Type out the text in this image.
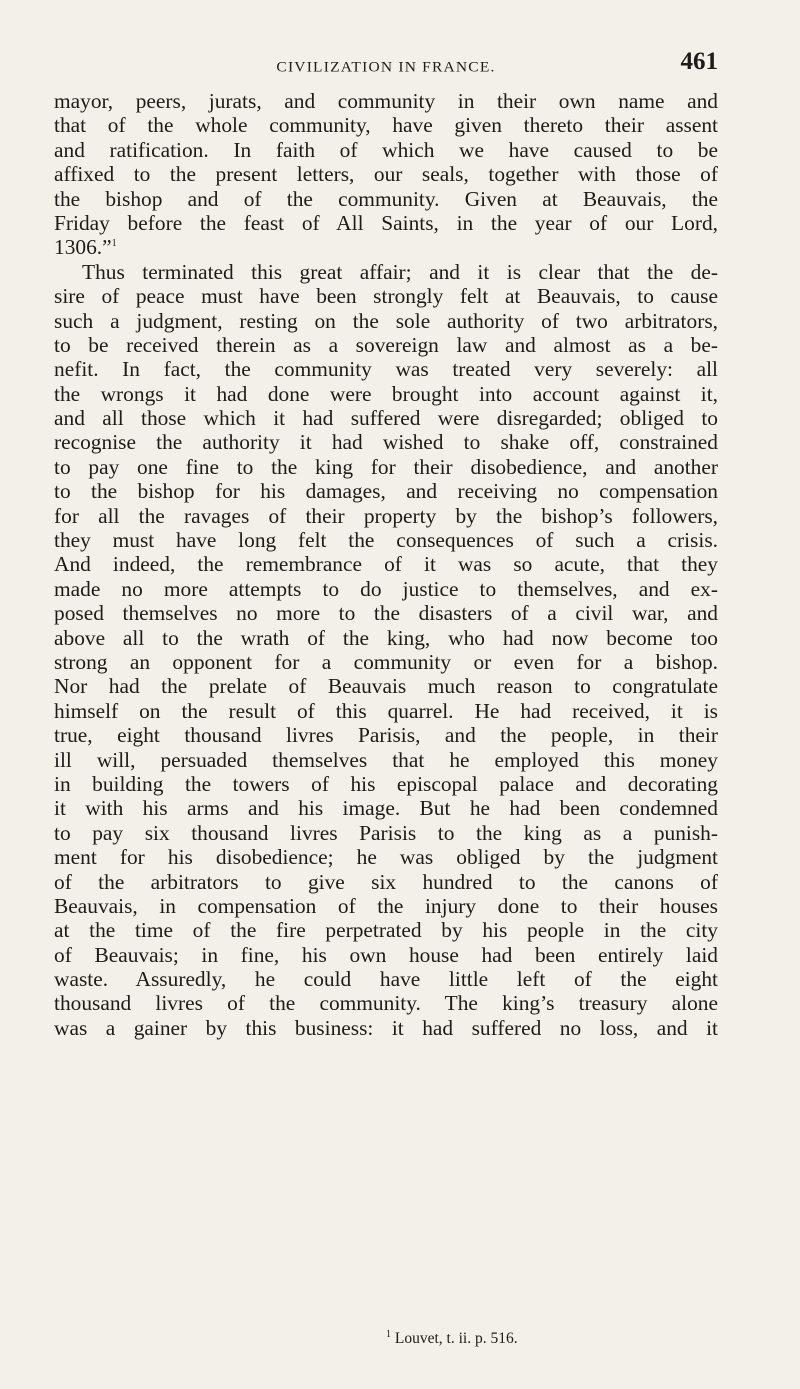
CIVILIZATION IN FRANCE.	461
mayor, peers, jurats, and community in their own name and
that of the whole community, have given thereto their assent
and ratification. In faith of which we have caused to be
affixed to the present letters, our seals, together with those of
the bishop and of the community. Given at Beauvais, the
Friday before the feast of All Saints, in the year of our Lord,
1306.”$^1$
Thus terminated this great affair; and it is clear that the de-
sire of peace must have been strongly felt at Beauvais, to cause
such a judgment, resting on the sole authority of two arbitrators,
to be received therein as a sovereign law and almost as a be-
nefit. In fact, the community was treated very severely: all
the wrongs it had done were brought into account against it,
and all those which it had suffered were disregarded; obliged to
recognise the authority it had wished to shake off, constrained
to pay one fine to the king for their disobedience, and another
to the bishop for his damages, and receiving no compensation
for all the ravages of their property by the bishop’s followers,
they must have long felt the consequences of such a crisis.
And indeed, the remembrance of it was so acute, that they
made no more attempts to do justice to themselves, and ex-
posed themselves no more to the disasters of a civil war, and
above all to the wrath of the king, who had now become too
strong an opponent for a community or even for a bishop.
Nor had the prelate of Beauvais much reason to congratulate
himself on the result of this quarrel. He had received, it is
true, eight thousand livres Parisis, and the people, in their
ill will, persuaded themselves that he employed this money
in building the towers of his episcopal palace and decorating
it with his arms and his image. But he had been condemned
to pay six thousand livres Parisis to the king as a punish-
ment for his disobedience; he was obliged by the judgment
of the arbitrators to give six hundred to the canons of
Beauvais, in compensation of the injury done to their houses
at the time of the fire perpetrated by his people in the city
of Beauvais; in fine, his own house had been entirely laid
waste. Assuredly, he could have little left of the eight
thousand livres of the community. The king’s treasury alone
was a gainer by this business: it had suffered no loss, and it
$^1$ Louvet, t. ii. p. 516.
